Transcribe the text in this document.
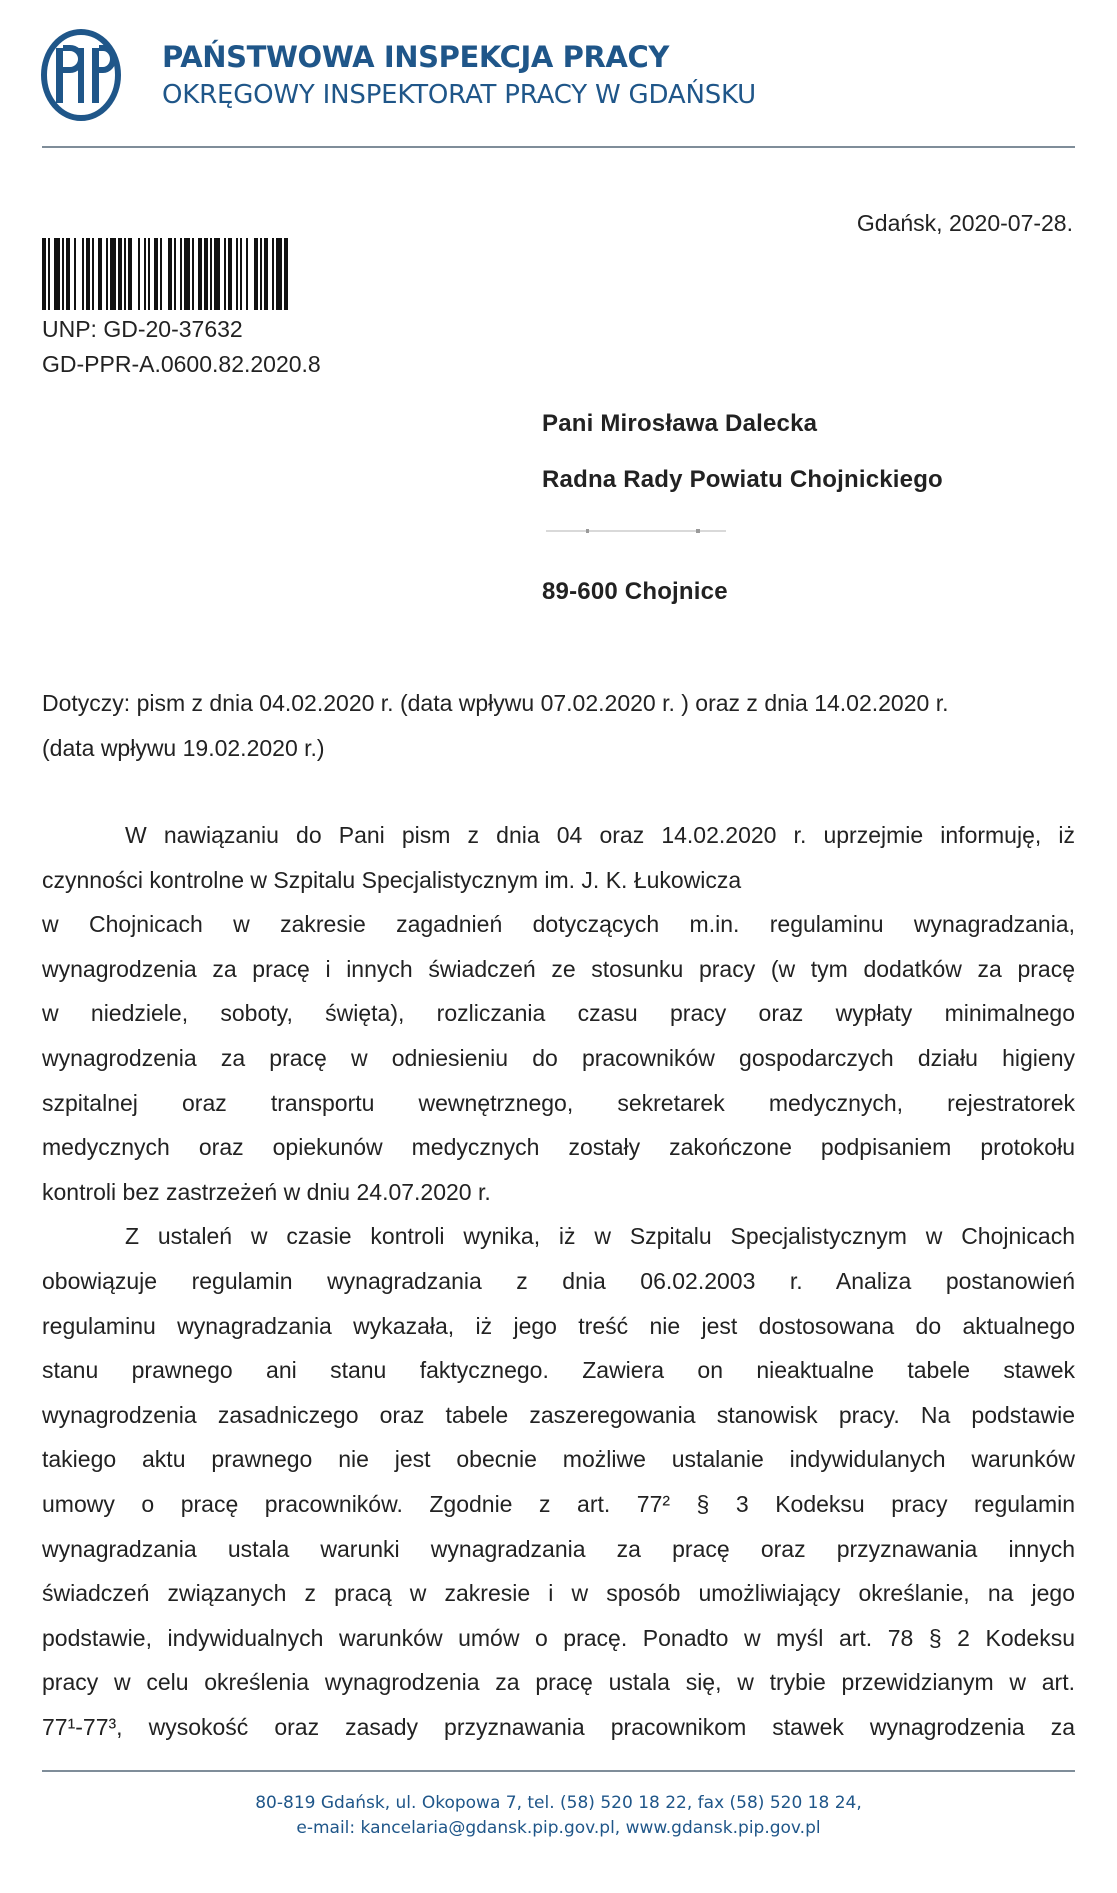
PAŃSTWOWA INSPEKCJA PRACY
OKRĘGOWY INSPEKTORAT PRACY W GDAŃSKU
Gdańsk, 2020-07-28.
UNP: GD-20-37632
GD-PPR-A.0600.82.2020.8
Pani Mirosława Dalecka
Radna Rady Powiatu Chojnickiego
89-600 Chojnice
Dotyczy: pism z dnia 04.02.2020 r. (data wpływu 07.02.2020 r. ) oraz z dnia 14.02.2020 r.
(data wpływu 19.02.2020 r.)
W nawiązaniu do Pani pism z dnia 04 oraz 14.02.2020 r. uprzejmie informuję, iż
czynności kontrolne w Szpitalu Specjalistycznym im. J. K. Łukowicza
w Chojnicach w zakresie zagadnień dotyczących m.in. regulaminu wynagradzania,
wynagrodzenia za pracę i innych świadczeń ze stosunku pracy (w tym dodatków za pracę
w niedziele, soboty, święta), rozliczania czasu pracy oraz wypłaty minimalnego
wynagrodzenia za pracę w odniesieniu do pracowników gospodarczych działu higieny
szpitalnej oraz transportu wewnętrznego, sekretarek medycznych, rejestratorek
medycznych oraz opiekunów medycznych zostały zakończone podpisaniem protokołu
kontroli bez zastrzeżeń w dniu 24.07.2020 r.
Z ustaleń w czasie kontroli wynika, iż w Szpitalu Specjalistycznym w Chojnicach
obowiązuje regulamin wynagradzania z dnia 06.02.2003 r. Analiza postanowień
regulaminu wynagradzania wykazała, iż jego treść nie jest dostosowana do aktualnego
stanu prawnego ani stanu faktycznego. Zawiera on nieaktualne tabele stawek
wynagrodzenia zasadniczego oraz tabele zaszeregowania stanowisk pracy. Na podstawie
takiego aktu prawnego nie jest obecnie możliwe ustalanie indywidulanych warunków
umowy o pracę pracowników. Zgodnie z art. 77² § 3 Kodeksu pracy regulamin
wynagradzania ustala warunki wynagradzania za pracę oraz przyznawania innych
świadczeń związanych z pracą w zakresie i w sposób umożliwiający określanie, na jego
podstawie, indywidualnych warunków umów o pracę. Ponadto w myśl art. 78 § 2 Kodeksu
pracy w celu określenia wynagrodzenia za pracę ustala się, w trybie przewidzianym w art.
77¹-77³, wysokość oraz zasady przyznawania pracownikom stawek wynagrodzenia za
80-819 Gdańsk, ul. Okopowa 7, tel. (58) 520 18 22, fax (58) 520 18 24,
e-mail: kancelaria@gdansk.pip.gov.pl, www.gdansk.pip.gov.pl
